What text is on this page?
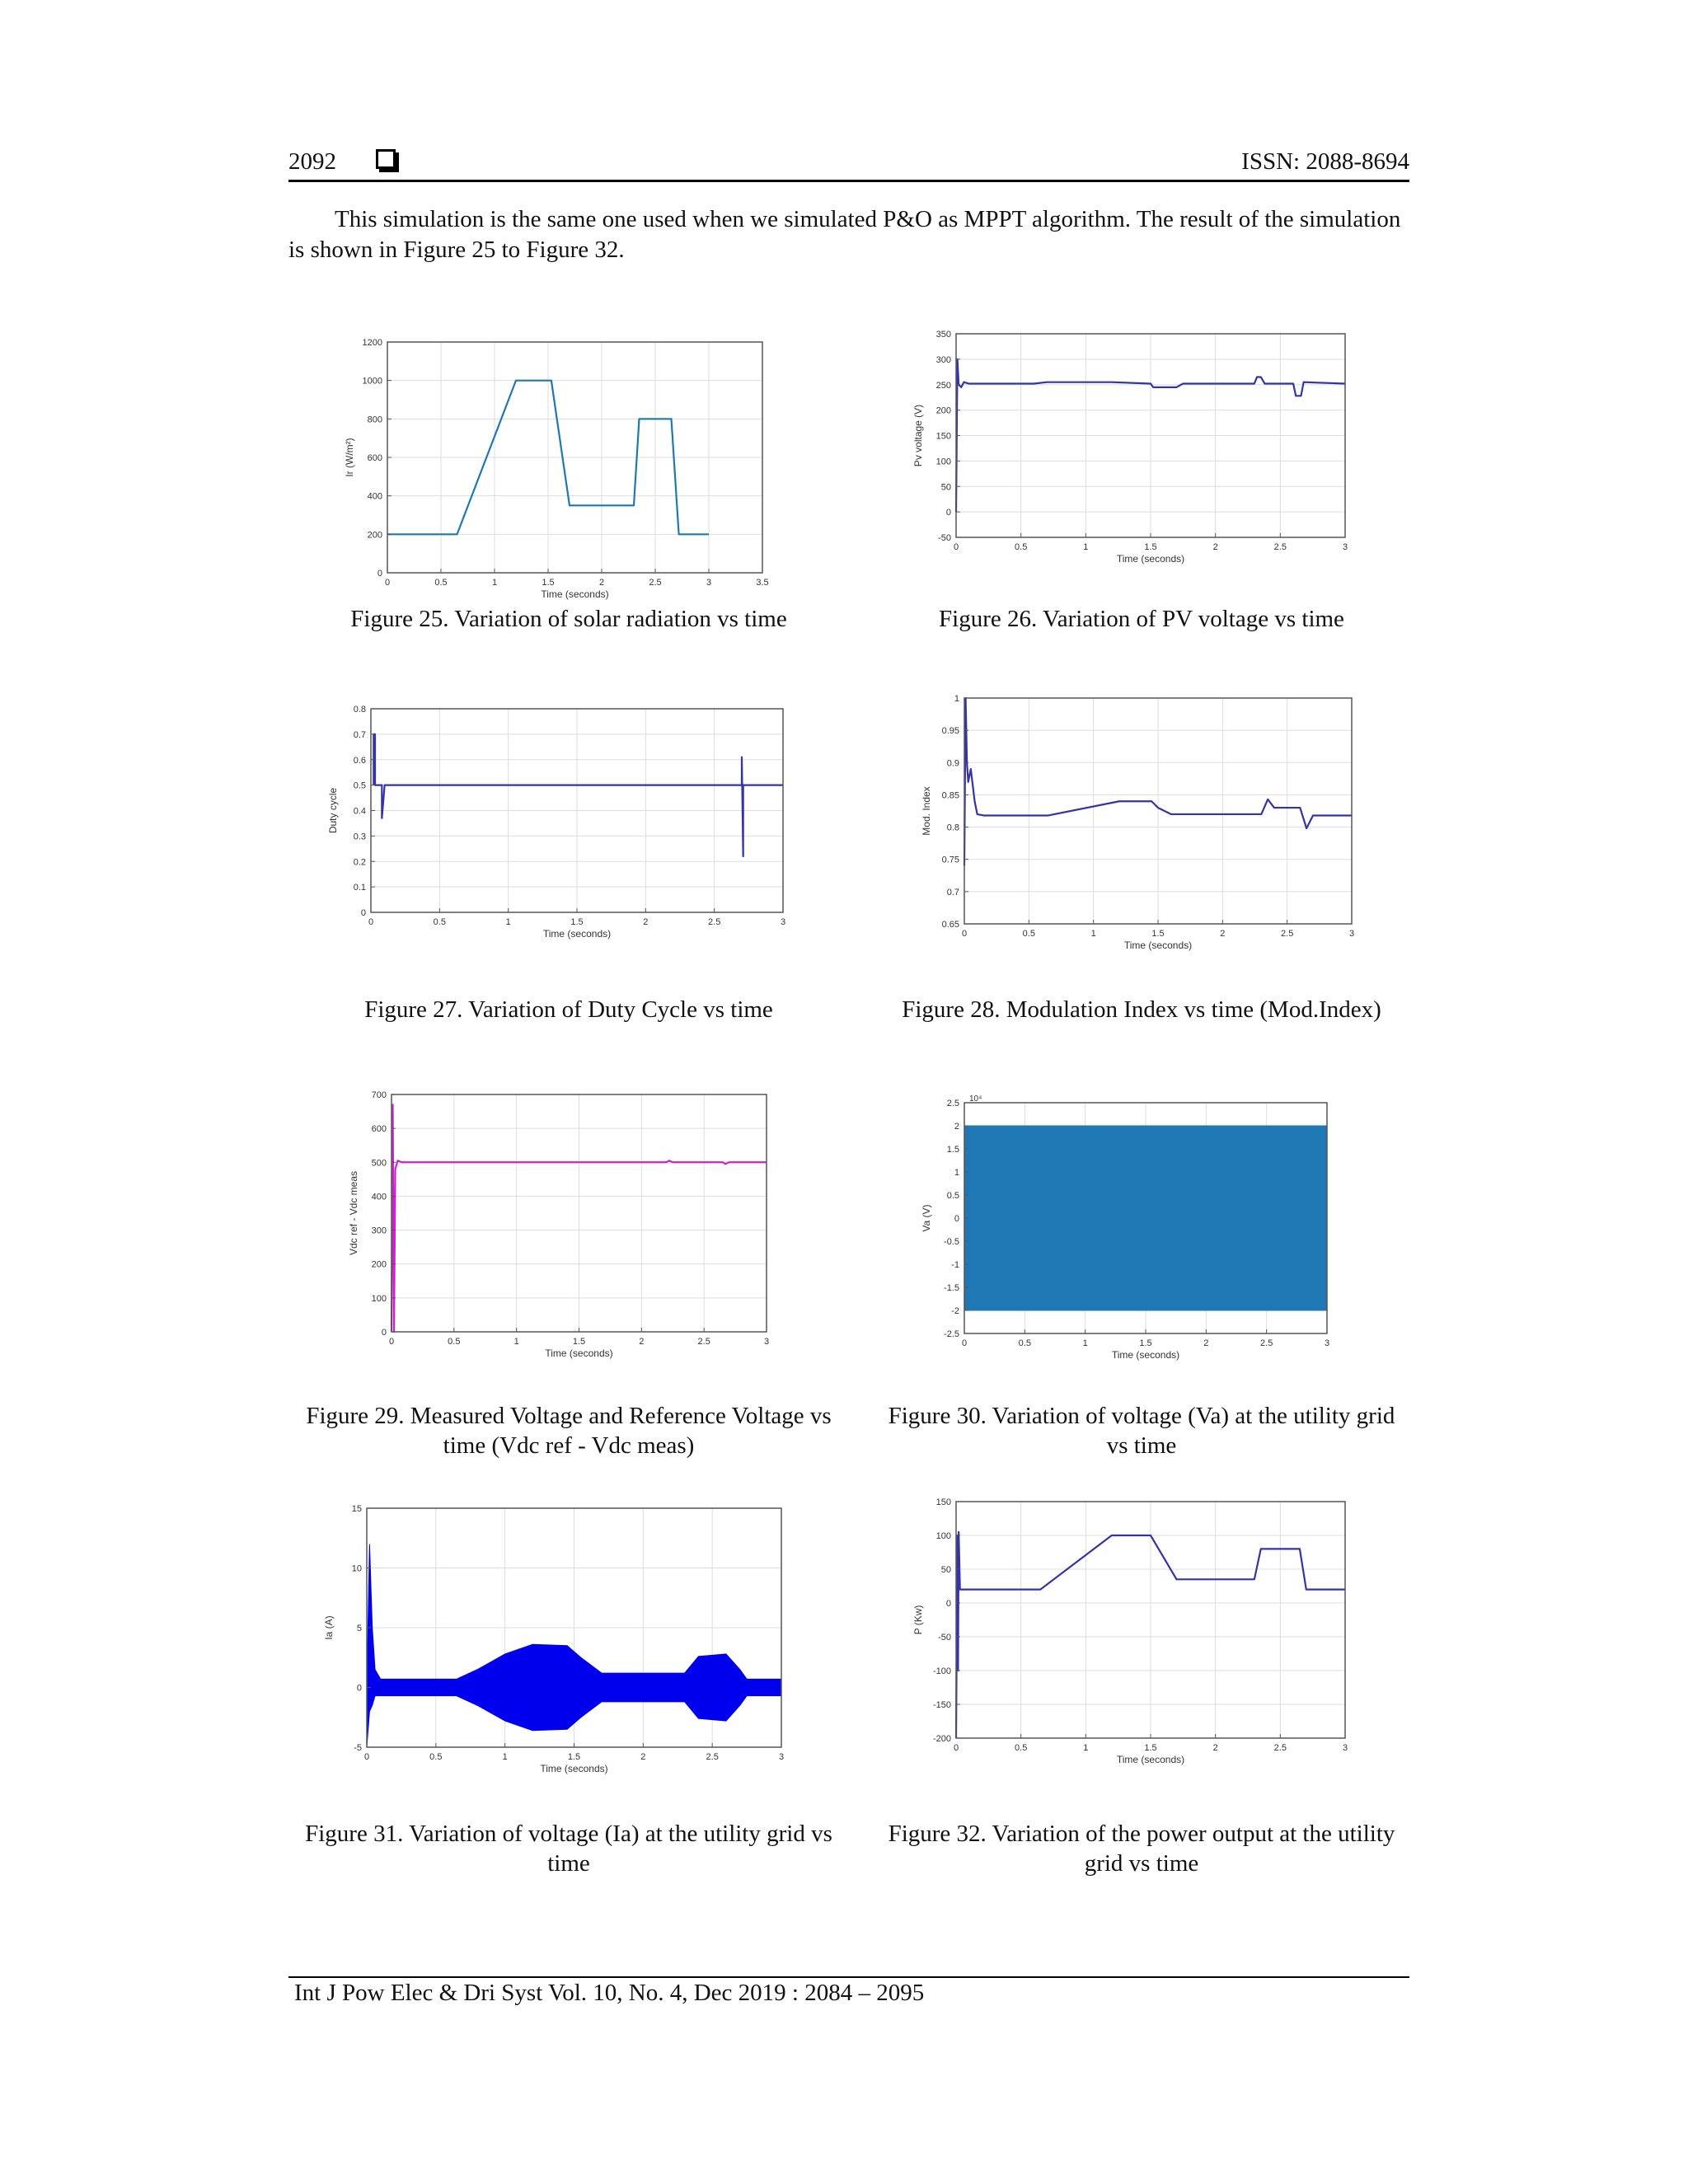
2092	ISSN: 2088-8694

This simulation is the same one used when we simulated P&O as MPPT algorithm. The result of the simulation is shown in Figure 25 to Figure 32.

0	0.5	1	1.5	2	2.5	3	3.5
0
200
400
600
800
1000
1200
Time (seconds)
Ir (W/m²)
0	0.5	1	1.5	2	2.5	3
-50
0
50
100
150
200
250
300
350
Time (seconds)
Pv voltage (V)
0	0.5	1	1.5	2	2.5	3
0
0.1
0.2
0.3
0.4
0.5
0.6
0.7
0.8
Time (seconds)
Duty cycle
0	0.5	1	1.5	2	2.5	3
0.65
0.7
0.75
0.8
0.85
0.9
0.95
1
Time (seconds)
Mod. Index
0	0.5	1	1.5	2	2.5	3
0
100
200
300
400
500
600
700
Time (seconds)
Vdc ref - Vdc meas
0	0.5	1	1.5	2	2.5	3
-2.5
-2
-1.5
-1
-0.5
0
0.5
1
1.5
2
2.5
Time (seconds)
Va (V)
10⁴
0	0.5	1	1.5	2	2.5	3
-5
0
5
10
15
Time (seconds)
Ia (A)
0	0.5	1	1.5	2	2.5	3
-200
-150
-100
-50
0
50
100
150
Time (seconds)
P (Kw)
Figure 25. Variation of solar radiation vs time	Figure 26. Variation of PV voltage vs time
Figure 27. Variation of Duty Cycle vs time	Figure 28. Modulation Index vs time (Mod.Index)
Figure 29. Measured Voltage and Reference Voltage vs time (Vdc ref - Vdc meas)
Figure 30. Variation of voltage (Va) at the utility grid vs time
Figure 31. Variation of voltage (Ia) at the utility grid vs time
Figure 32. Variation of the power output at the utility grid vs time
Int J Pow Elec & Dri Syst Vol. 10, No. 4, Dec 2019 : 2084 – 2095
